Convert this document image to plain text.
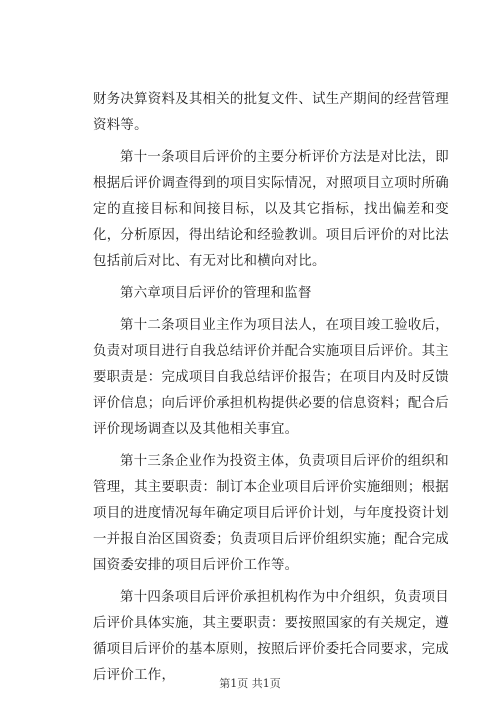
财务决算资料及其相关的批复文件、试生产期间的经营管理资料等。

第十一条项目后评价的主要分析评价方法是对比法，即根据后评价调查得到的项目实际情况，对照项目立项时所确定的直接目标和间接目标，以及其它指标，找出偏差和变化，分析原因，得出结论和经验教训。项目后评价的对比法包括前后对比、有无对比和横向对比。

第六章项目后评价的管理和监督

第十二条项目业主作为项目法人，在项目竣工验收后，负责对项目进行自我总结评价并配合实施项目后评价。其主要职责是：完成项目自我总结评价报告；在项目内及时反馈评价信息；向后评价承担机构提供必要的信息资料；配合后评价现场调查以及其他相关事宜。

第十三条企业作为投资主体，负责项目后评价的组织和管理，其主要职责：制订本企业项目后评价实施细则；根据项目的进度情况每年确定项目后评价计划，与年度投资计划一并报自治区国资委；负责项目后评价组织实施；配合完成国资委安排的项目后评价工作等。

第十四条项目后评价承担机构作为中介组织，负责项目后评价具体实施，其主要职责：要按照国家的有关规定，遵循项目后评价的基本原则，按照后评价委托合同要求，完成后评价工作，

第1页 共1页
